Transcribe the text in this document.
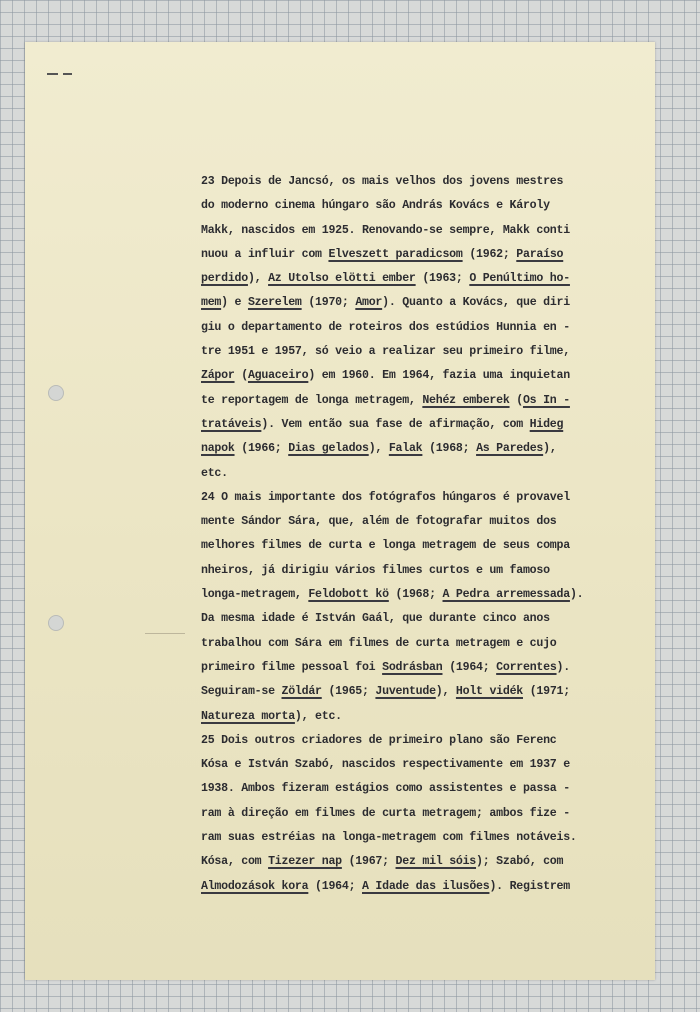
23 Depois de Jancsó, os mais velhos dos jovens mestres
do moderno cinema húngaro são András Kovács e Károly
Makk, nascidos em 1925. Renovando-se sempre, Makk conti
nuou a influir com Elveszett paradicsom (1962; Paraíso
perdido), Az Utolso elötti ember (1963; O Penúltimo ho-
mem) e Szerelem (1970; Amor). Quanto a Kovács, que diri
giu o departamento de roteiros dos estúdios Hunnia en -
tre 1951 e 1957, só veio a realizar seu primeiro filme,
Zápor (Aguaceiro) em 1960. Em 1964, fazia uma inquietan
te reportagem de longa metragem, Nehéz emberek (Os In -
tratáveis). Vem então sua fase de afirmação, com Hideg
napok (1966; Dias gelados), Falak (1968; As Paredes),
etc.
24 O mais importante dos fotógrafos húngaros é provavel
mente Sándor Sára, que, além de fotografar muitos dos
melhores filmes de curta e longa metragem de seus compa
nheiros, já dirigiu vários filmes curtos e um famoso
longa-metragem, Feldobott kö (1968; A Pedra arremessada).
Da mesma idade é István Gaál, que durante cinco anos
trabalhou com Sára em filmes de curta metragem e cujo
primeiro filme pessoal foi Sodrásban (1964; Correntes).
Seguiram-se Zöldár (1965; Juventude), Holt vidék (1971;
Natureza morta), etc.
25 Dois outros criadores de primeiro plano são Ferenc
Kósa e István Szabó, nascidos respectivamente em 1937 e
1938. Ambos fizeram estágios como assistentes e passa -
ram à direção em filmes de curta metragem; ambos fize -
ram suas estréias na longa-metragem com filmes notáveis.
Kósa, com Tizezer nap (1967; Dez mil sóis); Szabó, com
Almodozások kora (1964; A Idade das ilusões). Registrem
